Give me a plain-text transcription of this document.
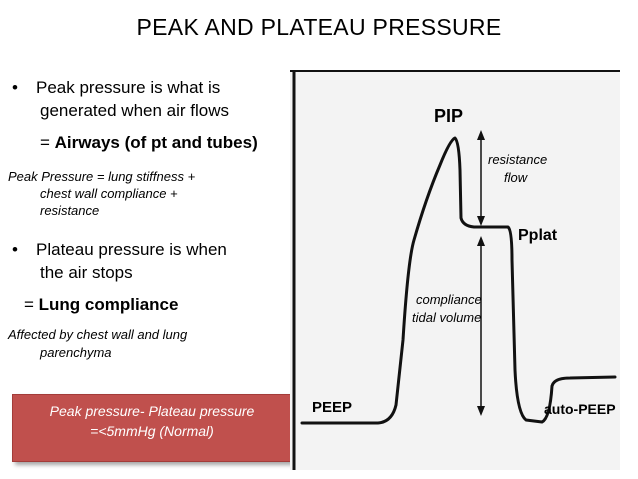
PEAK AND PLATEAU PRESSURE
• Peak pressure is what is
generated when air flows
= Airways (of pt and tubes)
Peak Pressure = lung stiffness +
chest wall compliance +
resistance
• Plateau pressure is when
the air stops
= Lung compliance
Affected by chest wall and lung
parenchyma
Peak pressure- Plateau pressure
=<5mmHg (Normal)
PIP
Pplat
resistance
flow
compliance
tidal volume
PEEP	auto-PEEP
